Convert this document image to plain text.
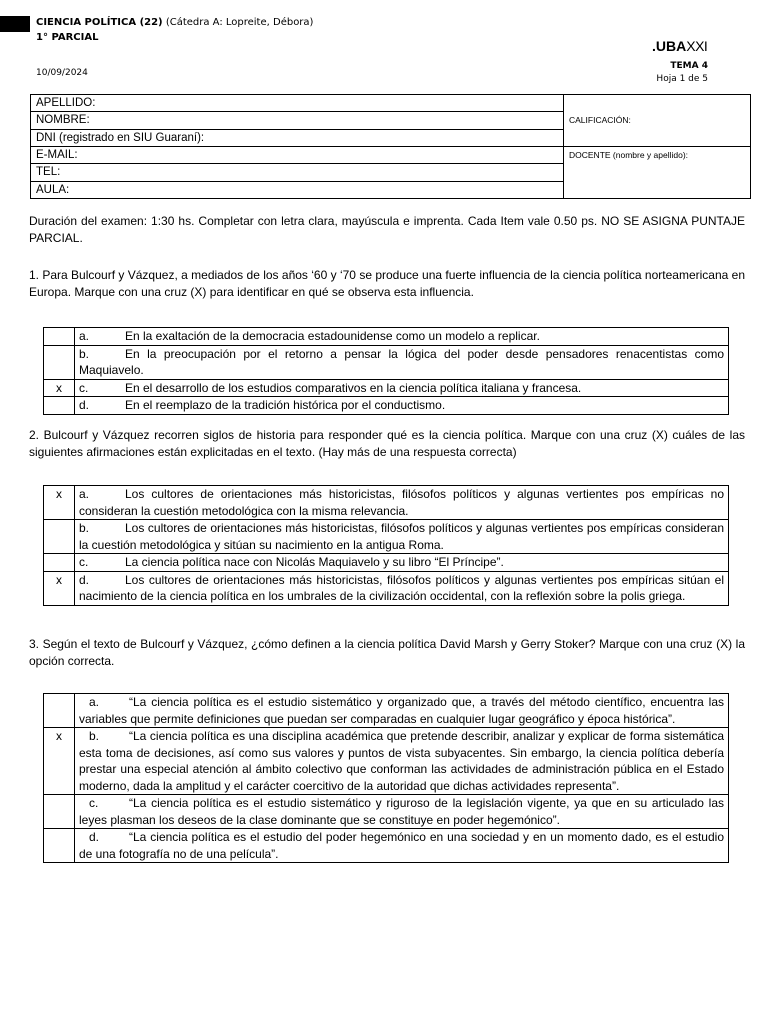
CIENCIA POLÍTICA (22) (Cátedra A: Lopreite, Débora)
1° PARCIAL
.UBAXXI
10/09/2024
TEMA 4
Hoja 1 de 5
APELLIDO:	CALIFICACIÓN:
NOMBRE:	
DNI (registrado en SIU Guaraní):	
E-MAIL:	DOCENTE (nombre y apellido):
TEL:	
AULA:	
Duración del examen: 1:30 hs. Completar con letra clara, mayúscula e imprenta. Cada Item vale 0.50 ps. NO SE ASIGNA PUNTAJE PARCIAL.
1. Para Bulcourf y Vázquez, a mediados de los años ‘60 y ‘70 se produce una fuerte influencia de la ciencia política norteamericana en Europa. Marque con una cruz (X) para identificar en qué se observa esta influencia.
	a. En la exaltación de la democracia estadounidense como un modelo a replicar.
	b. En la preocupación por el retorno a pensar la lógica del poder desde pensadores renacentistas como Maquiavelo.
x	c. En el desarrollo de los estudios comparativos en la ciencia política italiana y francesa.
	d. En el reemplazo de la tradición histórica por el conductismo.
2. Bulcourf y Vázquez recorren siglos de historia para responder qué es la ciencia política. Marque con una cruz (X) cuáles de las siguientes afirmaciones están explicitadas en el texto. (Hay más de una respuesta correcta)
x	a. Los cultores de orientaciones más historicistas, filósofos políticos y algunas vertientes pos empíricas no consideran la cuestión metodológica con la misma relevancia.
	b. Los cultores de orientaciones más historicistas, filósofos políticos y algunas vertientes pos empíricas consideran la cuestión metodológica y sitúan su nacimiento en la antigua Roma.
	c. La ciencia política nace con Nicolás Maquiavelo y su libro “El Príncipe”.
x	d. Los cultores de orientaciones más historicistas, filósofos políticos y algunas vertientes pos empíricas sitúan el nacimiento de la ciencia política en los umbrales de la civilización occidental, con la reflexión sobre la polis griega.
3. Según el texto de Bulcourf y Vázquez, ¿cómo definen a la ciencia política David Marsh y Gerry Stoker? Marque con una cruz (X) la opción correcta.
	a. “La ciencia política es el estudio sistemático y organizado que, a través del método científico, encuentra las variables que permite definiciones que puedan ser comparadas en cualquier lugar geográfico y época histórica”.
x	b. “La ciencia política es una disciplina académica que pretende describir, analizar y explicar de forma sistemática esta toma de decisiones, así como sus valores y puntos de vista subyacentes. Sin embargo, la ciencia política debería prestar una especial atención al ámbito colectivo que conforman las actividades de administración pública en el Estado moderno, dada la amplitud y el carácter coercitivo de la autoridad que dichas actividades representa”.
	c. “La ciencia política es el estudio sistemático y riguroso de la legislación vigente, ya que en su articulado las leyes plasman los deseos de la clase dominante que se constituye en poder hegemónico”.
	d. “La ciencia política es el estudio del poder hegemónico en una sociedad y en un momento dado, es el estudio de una fotografía no de una película”.
